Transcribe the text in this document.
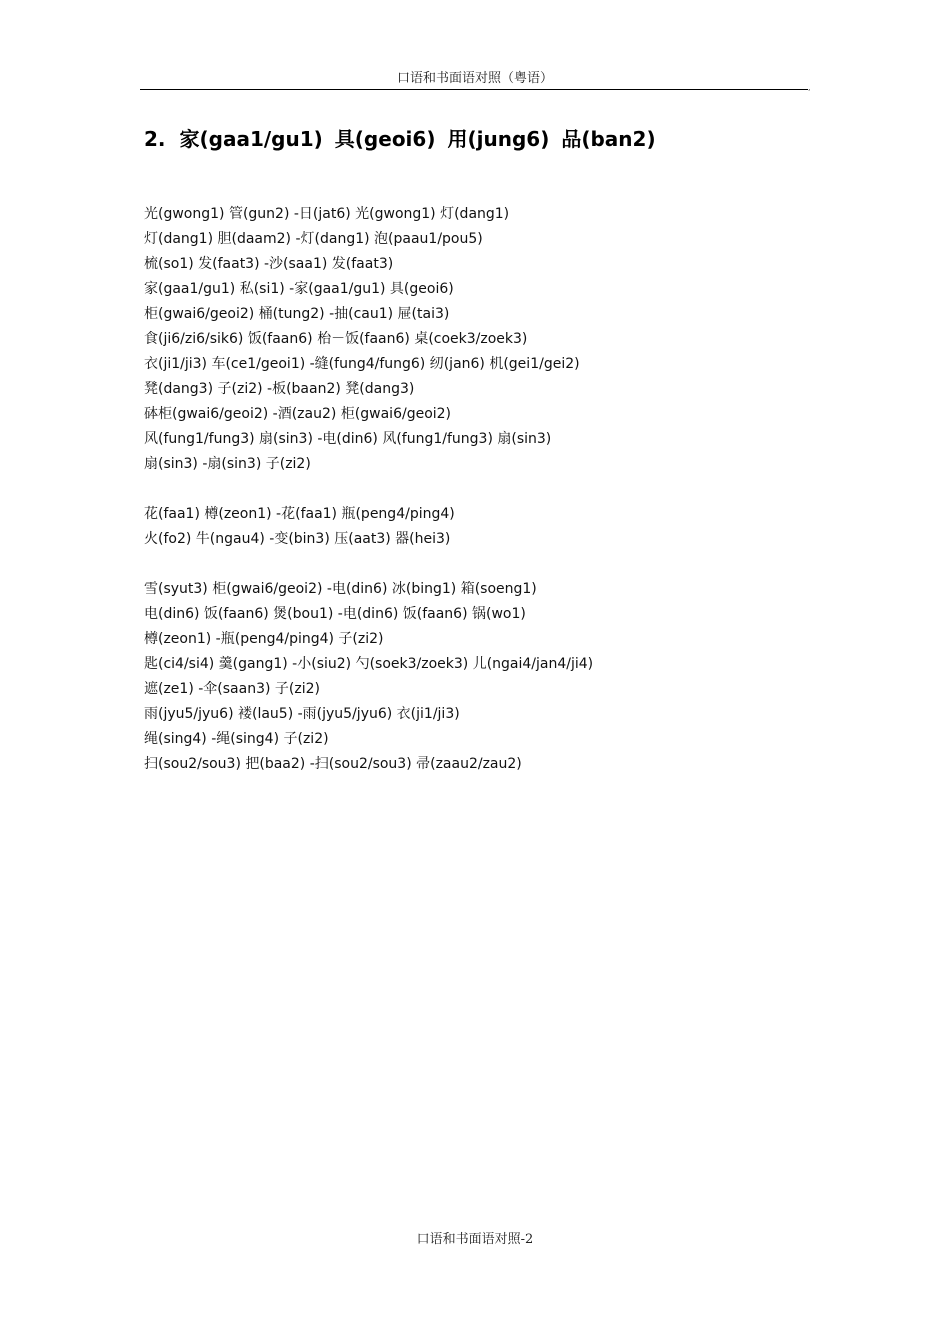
口语和书面语对照（粤语）
,
2. 家(gaa1/gu1) 具(geoi6) 用(jung6) 品(ban2)
光(gwong1) 管(gun2) -日(jat6) 光(gwong1) 灯(dang1)
灯(dang1) 胆(daam2) -灯(dang1) 泡(paau1/pou5)
梳(so1) 发(faat3) -沙(saa1) 发(faat3)
家(gaa1/gu1) 私(si1) -家(gaa1/gu1) 具(geoi6)
柜(gwai6/geoi2) 桶(tung2) -抽(cau1) 屉(tai3)
食(ji6/zi6/sik6) 饭(faan6) 枱－饭(faan6) 桌(coek3/zoek3)
衣(ji1/ji3) 车(ce1/geoi1) -缝(fung4/fung6) 纫(jan6) 机(gei1/gei2)
凳(dang3) 子(zi2) -板(baan2) 凳(dang3)
砵柜(gwai6/geoi2) -酒(zau2) 柜(gwai6/geoi2)
风(fung1/fung3) 扇(sin3) -电(din6) 风(fung1/fung3) 扇(sin3)
扇(sin3) -扇(sin3) 子(zi2)
花(faa1) 樽(zeon1) -花(faa1) 瓶(peng4/ping4)
火(fo2) 牛(ngau4) -变(bin3) 压(aat3) 器(hei3)
雪(syut3) 柜(gwai6/geoi2) -电(din6) 冰(bing1) 箱(soeng1)
电(din6) 饭(faan6) 煲(bou1) -电(din6) 饭(faan6) 锅(wo1)
樽(zeon1) -瓶(peng4/ping4) 子(zi2)
匙(ci4/si4) 羹(gang1) -小(siu2) 勺(soek3/zoek3) 儿(ngai4/jan4/ji4)
遮(ze1) -伞(saan3) 子(zi2)
雨(jyu5/jyu6) 褛(lau5) -雨(jyu5/jyu6) 衣(ji1/ji3)
绳(sing4) -绳(sing4) 子(zi2)
扫(sou2/sou3) 把(baa2) -扫(sou2/sou3) 帚(zaau2/zau2)
口语和书面语对照-2
